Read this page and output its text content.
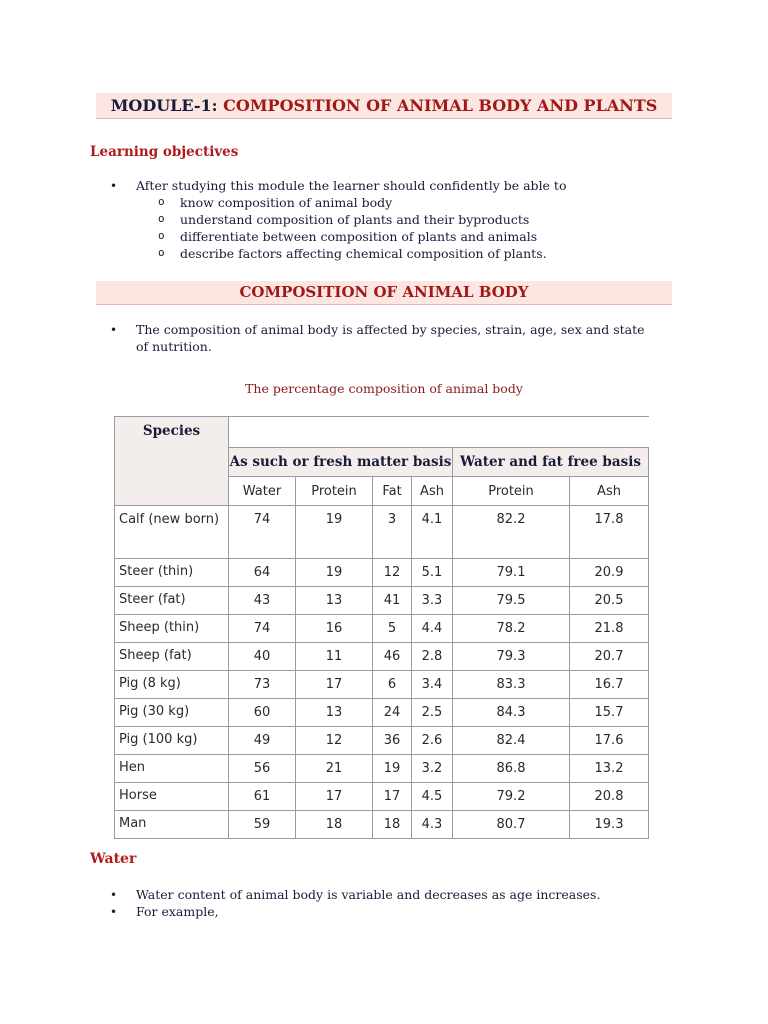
MODULE-1: COMPOSITION OF ANIMAL BODY AND PLANTS
Learning objectives
• After studying this module the learner should confidently be able to
o know composition of animal body
o understand composition of plants and their byproducts
o differentiate between composition of plants and animals
o describe factors affecting chemical composition of plants.
COMPOSITION OF ANIMAL BODY
• The composition of animal body is affected by species, strain, age, sex and state of nutrition.
The percentage composition of animal body
Species						
	As such or fresh matter basis				Water and fat free basis	
	Water	Protein	Fat	Ash	Protein	Ash
Calf (new born)	74	19	3	4.1	82.2	17.8
Steer (thin)	64	19	12	5.1	79.1	20.9
Steer (fat)	43	13	41	3.3	79.5	20.5
Sheep (thin)	74	16	5	4.4	78.2	21.8
Sheep (fat)	40	11	46	2.8	79.3	20.7
Pig (8 kg)	73	17	6	3.4	83.3	16.7
Pig (30 kg)	60	13	24	2.5	84.3	15.7
Pig (100 kg)	49	12	36	2.6	82.4	17.6
Hen	56	21	19	3.2	86.8	13.2
Horse	61	17	17	4.5	79.2	20.8
Man	59	18	18	4.3	80.7	19.3
Water
• Water content of animal body is variable and decreases as age increases.
• For example,
